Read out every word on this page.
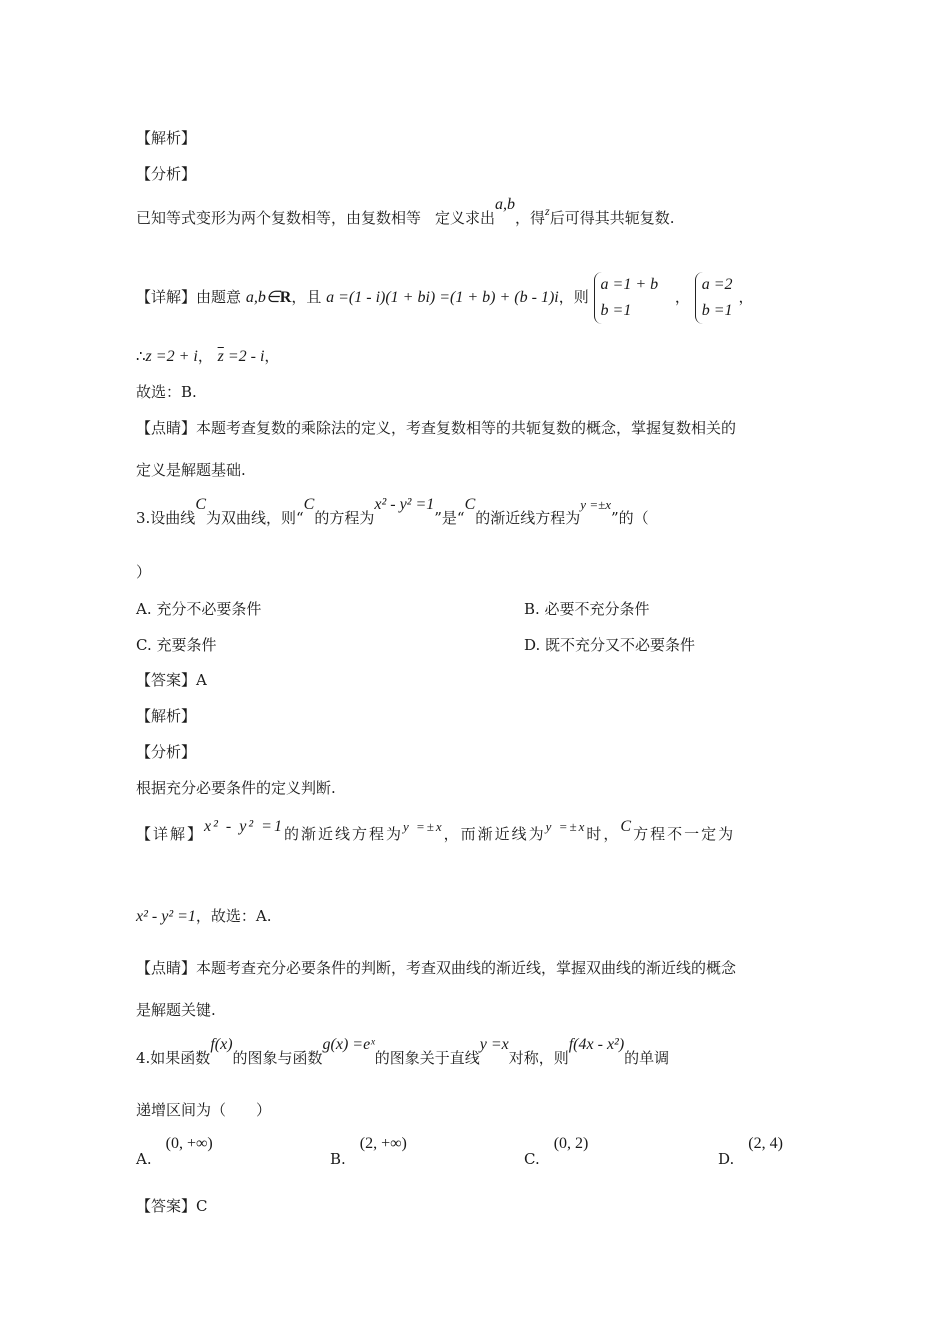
【解析】
【分析】
已知等式变形为两个复数相等，由复数相等 定义求出a,b，得$^z$后可得其共轭复数.
【详解】由题意 a,b∈R，且 a =(1 - i)(1 + bi) =(1 + b) + (b - 1)i，则 a =1 + b
b =1 ， a =2
b =1，
∴z =2 + i， $\overline{z} =2 - i$，
故选：B.
【点睛】本题考查复数的乘除法的定义，考查复数相等的共轭复数的概念，掌握复数相关的
定义是解题基础.
3.设曲线C为双曲线，则“C的方程为x² - y² =1”是“C的渐近线方程为y =±x”的（
）
A. 充分不必要条件	B. 必要不充分条件
C. 充要条件	D. 既不充分又不必要条件
【答案】A
【解析】
【分析】
根据充分必要条件的定义判断.
【详解】x² - y² =1的渐近线方程为y =±x，而渐近线为y =±x时，C方程不一定为
x² - y² =1，故选：A.
【点睛】本题考查充分必要条件的判断，考查双曲线的渐近线，掌握双曲线的渐近线的概念
是解题关键.
4.如果函数f(x)的图象与函数g(x) =eˣ的图象关于直线y =x对称，则f(4x - x²)的单调
递增区间为（　　）
A.(0, +∞)
B.(2, +∞)
C.(0, 2)
D.(2, 4)
【答案】C
